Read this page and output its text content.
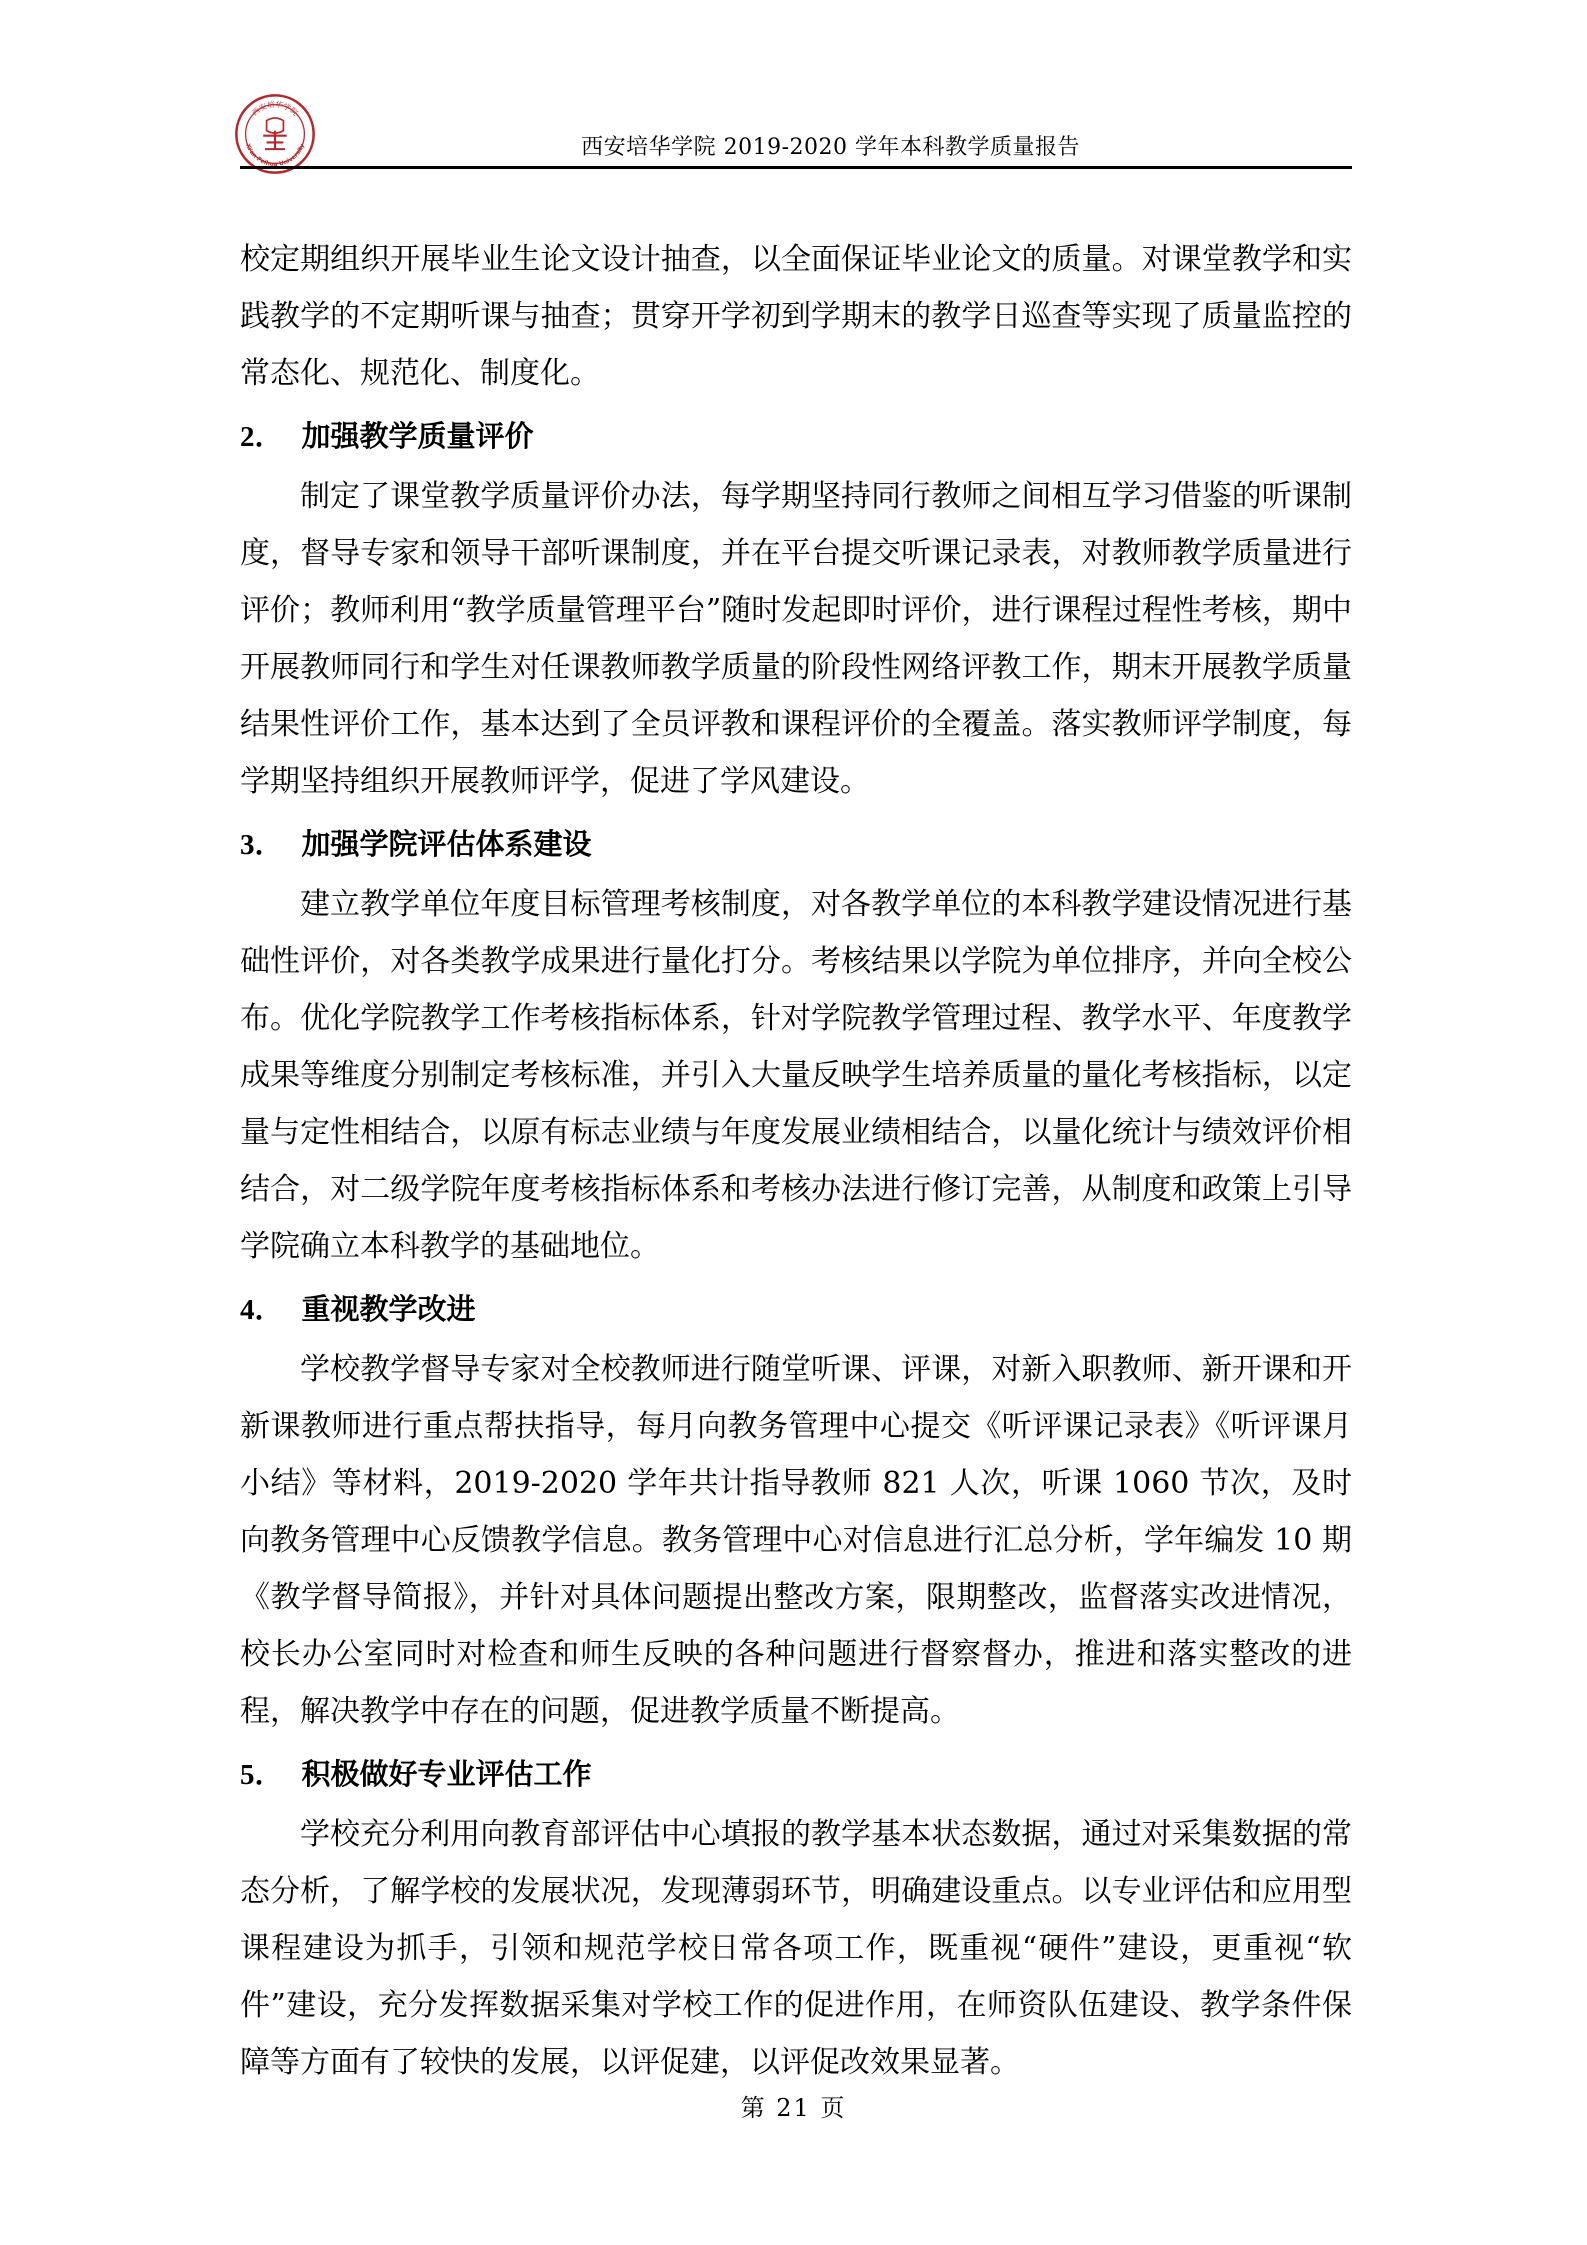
西安培华学院
Xi'an Peihua University	西安培华学院 2019-2020 学年本科教学质量报告

校定期组织开展毕业生论文设计抽查，以全面保证毕业论文的质量。对课堂教学和实践教学的不定期听课与抽查；贯穿开学初到学期末的教学日巡查等实现了质量监控的常态化、规范化、制度化。

2． 加强教学质量评价

制定了课堂教学质量评价办法，每学期坚持同行教师之间相互学习借鉴的听课制度，督导专家和领导干部听课制度，并在平台提交听课记录表，对教师教学质量进行评价；教师利用“教学质量管理平台”随时发起即时评价，进行课程过程性考核，期中开展教师同行和学生对任课教师教学质量的阶段性网络评教工作，期末开展教学质量结果性评价工作，基本达到了全员评教和课程评价的全覆盖。落实教师评学制度，每学期坚持组织开展教师评学，促进了学风建设。

3． 加强学院评估体系建设

建立教学单位年度目标管理考核制度，对各教学单位的本科教学建设情况进行基础性评价，对各类教学成果进行量化打分。考核结果以学院为单位排序，并向全校公布。优化学院教学工作考核指标体系，针对学院教学管理过程、教学水平、年度教学成果等维度分别制定考核标准，并引入大量反映学生培养质量的量化考核指标，以定量与定性相结合，以原有标志业绩与年度发展业绩相结合，以量化统计与绩效评价相结合，对二级学院年度考核指标体系和考核办法进行修订完善，从制度和政策上引导学院确立本科教学的基础地位。

4． 重视教学改进

学校教学督导专家对全校教师进行随堂听课、评课，对新入职教师、新开课和开新课教师进行重点帮扶指导，每月向教务管理中心提交《听评课记录表》《听评课月小结》等材料，2019-2020 学年共计指导教师 821 人次，听课 1060 节次，及时向教务管理中心反馈教学信息。教务管理中心对信息进行汇总分析，学年编发 10 期《教学督导简报》，并针对具体问题提出整改方案，限期整改，监督落实改进情况，校长办公室同时对检查和师生反映的各种问题进行督察督办，推进和落实整改的进程，解决教学中存在的问题，促进教学质量不断提高。

5． 积极做好专业评估工作

学校充分利用向教育部评估中心填报的教学基本状态数据，通过对采集数据的常态分析，了解学校的发展状况，发现薄弱环节，明确建设重点。以专业评估和应用型课程建设为抓手，引领和规范学校日常各项工作，既重视“硬件”建设，更重视“软件”建设，充分发挥数据采集对学校工作的促进作用，在师资队伍建设、教学条件保障等方面有了较快的发展，以评促建，以评促改效果显著。

第 21 页
